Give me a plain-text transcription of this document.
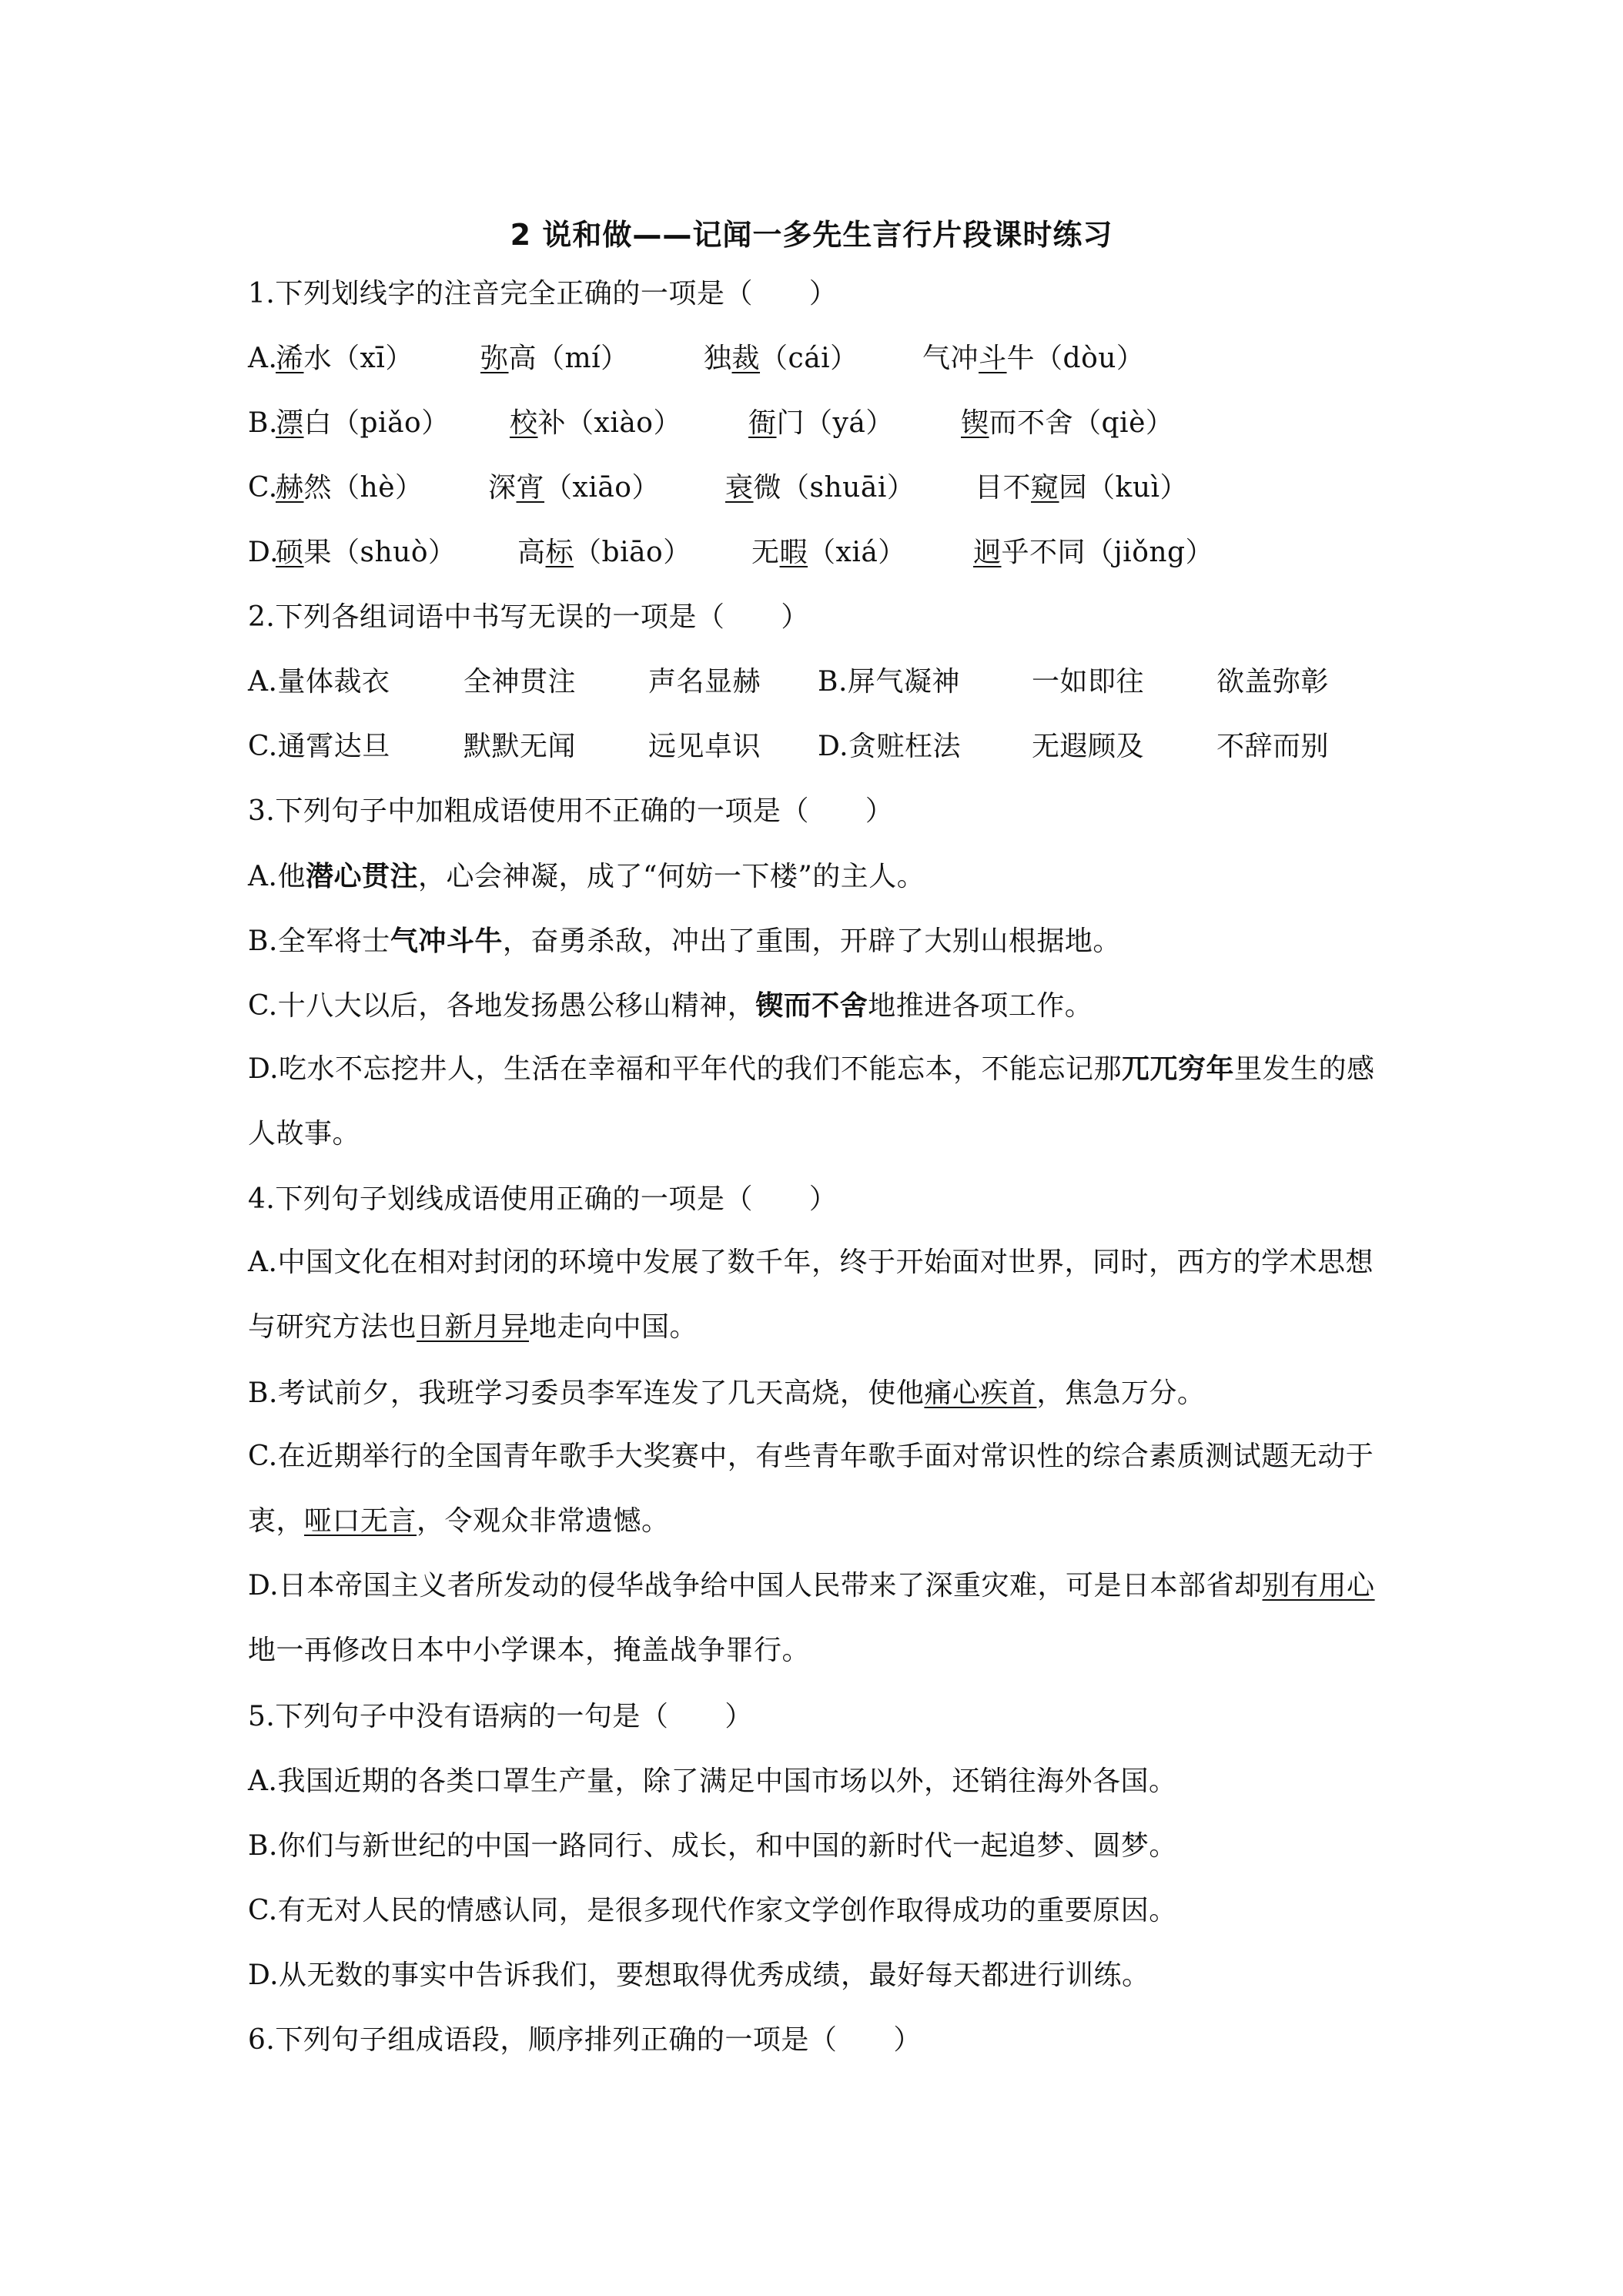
2 说和做——记闻一多先生言行片段课时练习
1.下列划线字的注音完全正确的一项是（　　）
A.
浠水（xī） 弥高（mí）	独裁（cái） 气冲斗牛（dòu）
B.
漂白（piǎo） 校补（xiào） 衙门（yá） 锲而不舍（qiè）
C.
赫然（hè） 深宵（xiāo） 衰微（shuāi） 目不窥园（kuì）
D.
硕果（shuò） 高标（biāo） 无暇（xiá） 迥乎不同（jiǒng）
2.下列各组词语中书写无误的一项是（　　）
A.量体裁衣	全神贯注	声名显赫 B.屏气凝神	一如即往	欲盖弥彰
C.通霄达旦	默默无闻	远见卓识 D.贪赃枉法	无遐顾及	不辞而别
3.下列句子中加粗成语使用不正确的一项是（　　）
A.他潜心贯注，心会神凝，成了“何妨一下楼”的主人。
B.全军将士气冲斗牛，奋勇杀敌，冲出了重围，开辟了大别山根据地。
C.十八大以后，各地发扬愚公移山精神，锲而不舍地推进各项工作。
D.吃水不忘挖井人，生活在幸福和平年代的我们不能忘本，不能忘记那兀兀穷年里发生的感人故事。
4.下列句子划线成语使用正确的一项是（　　）
A.中国文化在相对封闭的环境中发展了数千年，终于开始面对世界，同时，西方的学术思想与研究方法也日新月异地走向中国。
B.考试前夕，我班学习委员李军连发了几天高烧，使他痛心疾首，焦急万分。
C.在近期举行的全国青年歌手大奖赛中，有些青年歌手面对常识性的综合素质测试题无动于衷，哑口无言，令观众非常遗憾。
D.日本帝国主义者所发动的侵华战争给中国人民带来了深重灾难，可是日本部省却别有用心地一再修改日本中小学课本，掩盖战争罪行。
5.下列句子中没有语病的一句是（　　）
A.我国近期的各类口罩生产量，除了满足中国市场以外，还销往海外各国。
B.你们与新世纪的中国一路同行、成长，和中国的新时代一起追梦、圆梦。
C.有无对人民的情感认同，是很多现代作家文学创作取得成功的重要原因。
D.从无数的事实中告诉我们，要想取得优秀成绩，最好每天都进行训练。
6.下列句子组成语段，顺序排列正确的一项是（　　）
